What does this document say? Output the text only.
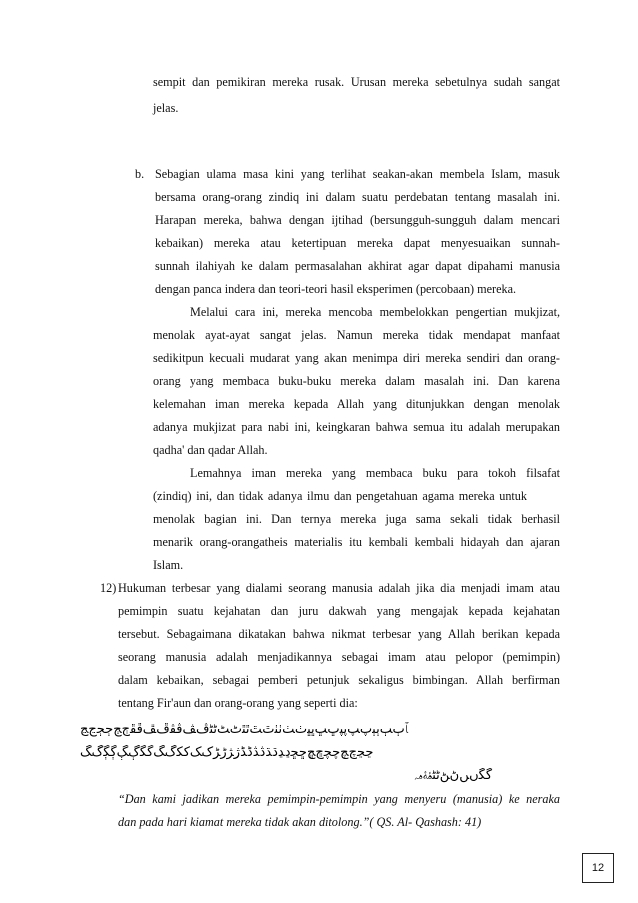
sempit dan pemikiran mereka rusak. Urusan mereka sebetulnya sudah sangat
jelas.
b. Sebagian ulama masa kini yang terlihat seakan-akan membela Islam, masuk
bersama orang-orang zindiq ini dalam suatu perdebatan tentang masalah ini.
Harapan mereka, bahwa dengan ijtihad (bersungguh-sungguh dalam mencari
kebaikan) mereka atau ketertipuan mereka dapat menyesuaikan sunnah-
sunnah ilahiyah ke dalam permasalahan akhirat agar dapat dipahami manusia
dengan panca indera dan teori-teori hasil eksperimen (percobaan) mereka.
Melalui cara ini, mereka mencoba membelokkan pengertian mukjizat,
menolak ayat-ayat sangat jelas. Namun mereka tidak mendapat manfaat
sedikitpun kecuali mudarat yang akan menimpa diri mereka sendiri dan orang-
orang yang membaca buku-buku mereka dalam masalah ini. Dan karena
kelemahan iman mereka kepada Allah yang ditunjukkan dengan menolak
adanya mukjizat para nabi ini, keingkaran bahwa semua itu adalah merupakan
qadha' dan qadar Allah.
Lemahnya iman mereka yang membaca buku para tokoh filsafat
(zindiq) ini, dan tidak adanya ilmu dan pengetahuan agama mereka untuk
menolak bagian ini. Dan ternya mereka juga sama sekali tidak berhasil
menarik orang-orangatheis materialis itu kembali kembali hidayah dan ajaran
Islam.
12) Hukuman terbesar yang dialami seorang manusia adalah jika dia menjadi imam atau
pemimpin suatu kejahatan dan juru dakwah yang mengajak kepada kejahatan
tersebut. Sebagaimana dikatakan bahwa nikmat terbesar yang Allah berikan kepada
seorang manusia adalah menjadikannya sebagai imam atau pelopor (pemimpin)
dalam kebaikan, sebagai pemberi petunjuk sekaligus bimbingan. Allah berfirman
tentang Fir'aun dan orang-orang yang seperti dia:
ﭑﭒﭓﭔﭕﭖﭗﭘﭙﭚﭛﭜﭝﭞﭟﭠﭡﭢﭣﭤﭥﭦﭧﭨﭩﭪﭫﭬﭭﭮﭯﭰﭱﭲﭳﭴﭵﭶﭷ
ﭸﭹﭺﭻﭼﭽﭾﭿﮀﮁﮂﮃﮄﮅﮆﮇﮈﮉﮊﮋﮌﮍﮎﮏﮐﮑﮒﮓﮔﮕﮖﮗﮘﮙﮚﮛ
ﮜﮝﮞﮟﮠﮡﮢﮣﮤﮥﮦﮧ
“Dan kami jadikan mereka pemimpin-pemimpin yang menyeru (manusia) ke neraka
dan pada hari kiamat mereka tidak akan ditolong.”( QS. Al- Qashash: 41)
12
